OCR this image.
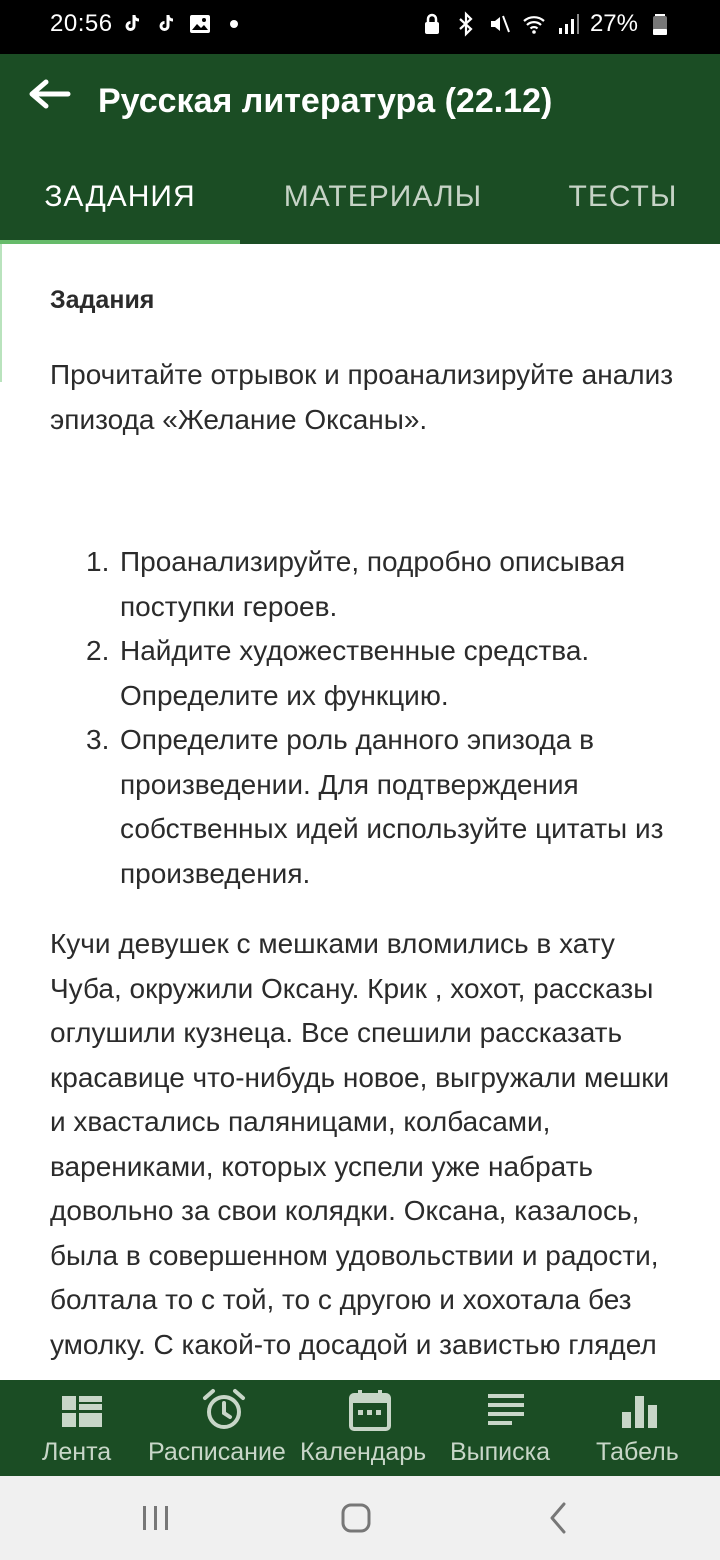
20:56	27%
Русская литература (22.12)
ЗАДАНИЯ	МАТЕРИАЛЫ	ТЕСТЫ
Задания
Прочитайте отрывок и проанализируйте анализ эпизода «Желание Оксаны».
1. Проанализируйте, подробно описывая поступки героев.
2. Найдите художественные средства. Определите их функцию.
3. Определите роль данного эпизода в произведении. Для подтверждения собственных идей используйте цитаты из произведения.
Кучи девушек с мешками вломились в хату Чуба, окружили Оксану. Крик , хохот, рассказы оглушили кузнеца. Все спешили рассказать красавице что-нибудь новое, выгружали мешки и хвастались паляницами, колбасами, варениками, которых успели уже набрать довольно за свои колядки. Оксана, казалось, была в совершенном удовольствии и радости, болтала то с той, то с другою и хохотала без умолку. С какой-то досадой и завистью глядел
Лента Расписание Календарь Выписка Табель
